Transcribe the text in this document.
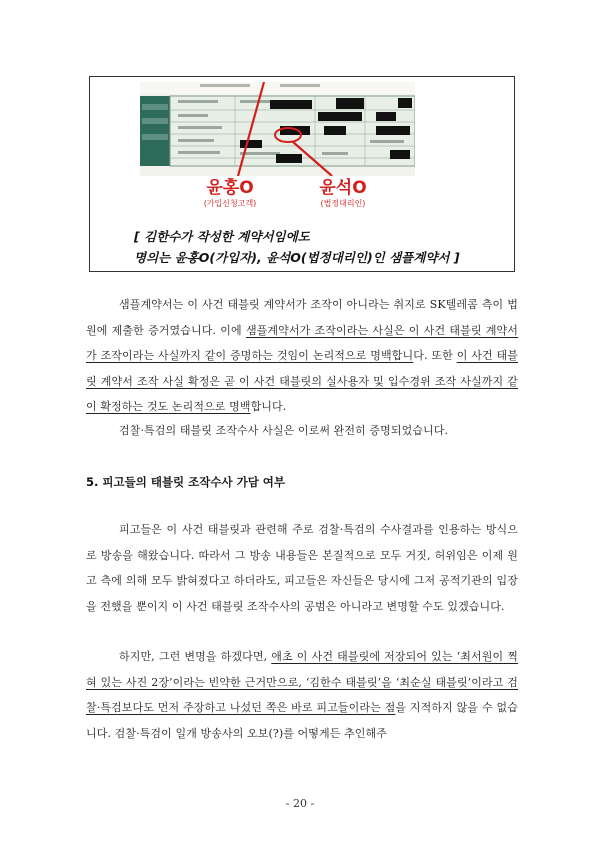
윤홍O
(가입신청고객)
윤석O
(법정대리인)
[ 김한수가 작성한 계약서임에도
명의는 윤홍O(가입자), 윤석O(법정대리인)인 샘플계약서 ]
샘플계약서는 이 사건 태블릿 계약서가 조작이 아니라는 취지로 SK텔레콤 측이 법원에 제출한 증거였습니다. 이에 샘플계약서가 조작이라는 사실은 이 사건 태블릿 계약서가 조작이라는 사실까지 같이 증명하는 것임이 논리적으로 명백합니다. 또한 이 사건 태블릿 계약서 조작 사실 확정은 곧 이 사건 태블릿의 실사용자 및 입수경위 조작 사실까지 같이 확정하는 것도 논리적으로 명백합니다.
검찰·특검의 태블릿 조작수사 사실은 이로써 완전히 증명되었습니다.
5. 피고들의 태블릿 조작수사 가담 여부
피고들은 이 사건 태블릿과 관련해 주로 검찰·특검의 수사결과를 인용하는 방식으로 방송을 해왔습니다. 따라서 그 방송 내용들은 본질적으로 모두 거짓, 허위임은 이제 원고 측에 의해 모두 밝혀졌다고 하더라도, 피고들은 자신들은 당시에 그저 공적기관의 입장을 전했을 뿐이지 이 사건 태블릿 조작수사의 공범은 아니라고 변명할 수도 있겠습니다.
하지만, 그런 변명을 하겠다면, 애초 이 사건 태블릿에 저장되어 있는 ‘최서원이 찍혀 있는 사진 2장’이라는 빈약한 근거만으로, ‘김한수 태블릿’을 ‘최순실 태블릿’이라고 검찰·특검보다도 먼저 주장하고 나섰던 쪽은 바로 피고들이라는 점을 지적하지 않을 수 없습니다. 검찰·특검이 일개 방송사의 오보(?)를 어떻게든 추인해주
- 20 -
